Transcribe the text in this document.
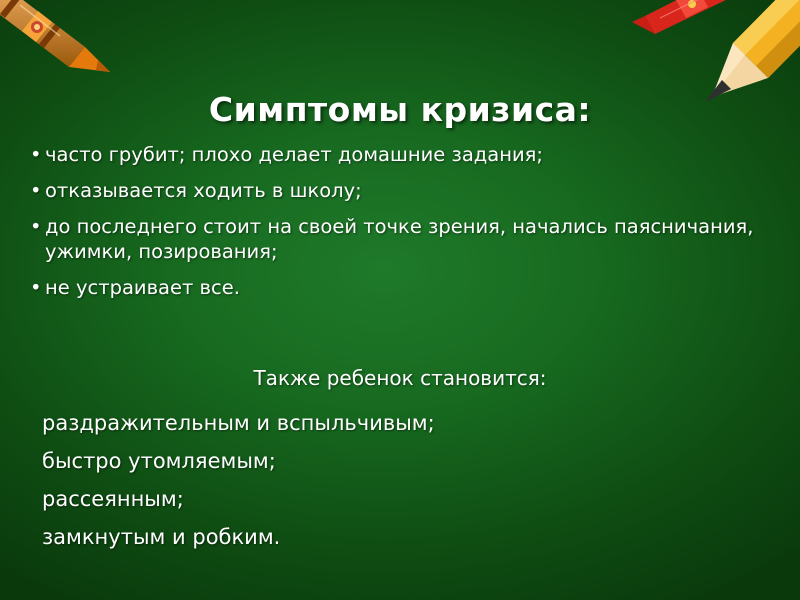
Симптомы кризиса:
• часто грубит; плохо делает домашние задания;
• отказывается ходить в школу;
• до последнего стоит на своей точке зрения, начались паясничания, ужимки, позирования;
• не устраивает все.
Также ребенок становится:
раздражительным и вспыльчивым;
быстро утомляемым;
рассеянным;
замкнутым и робким.
